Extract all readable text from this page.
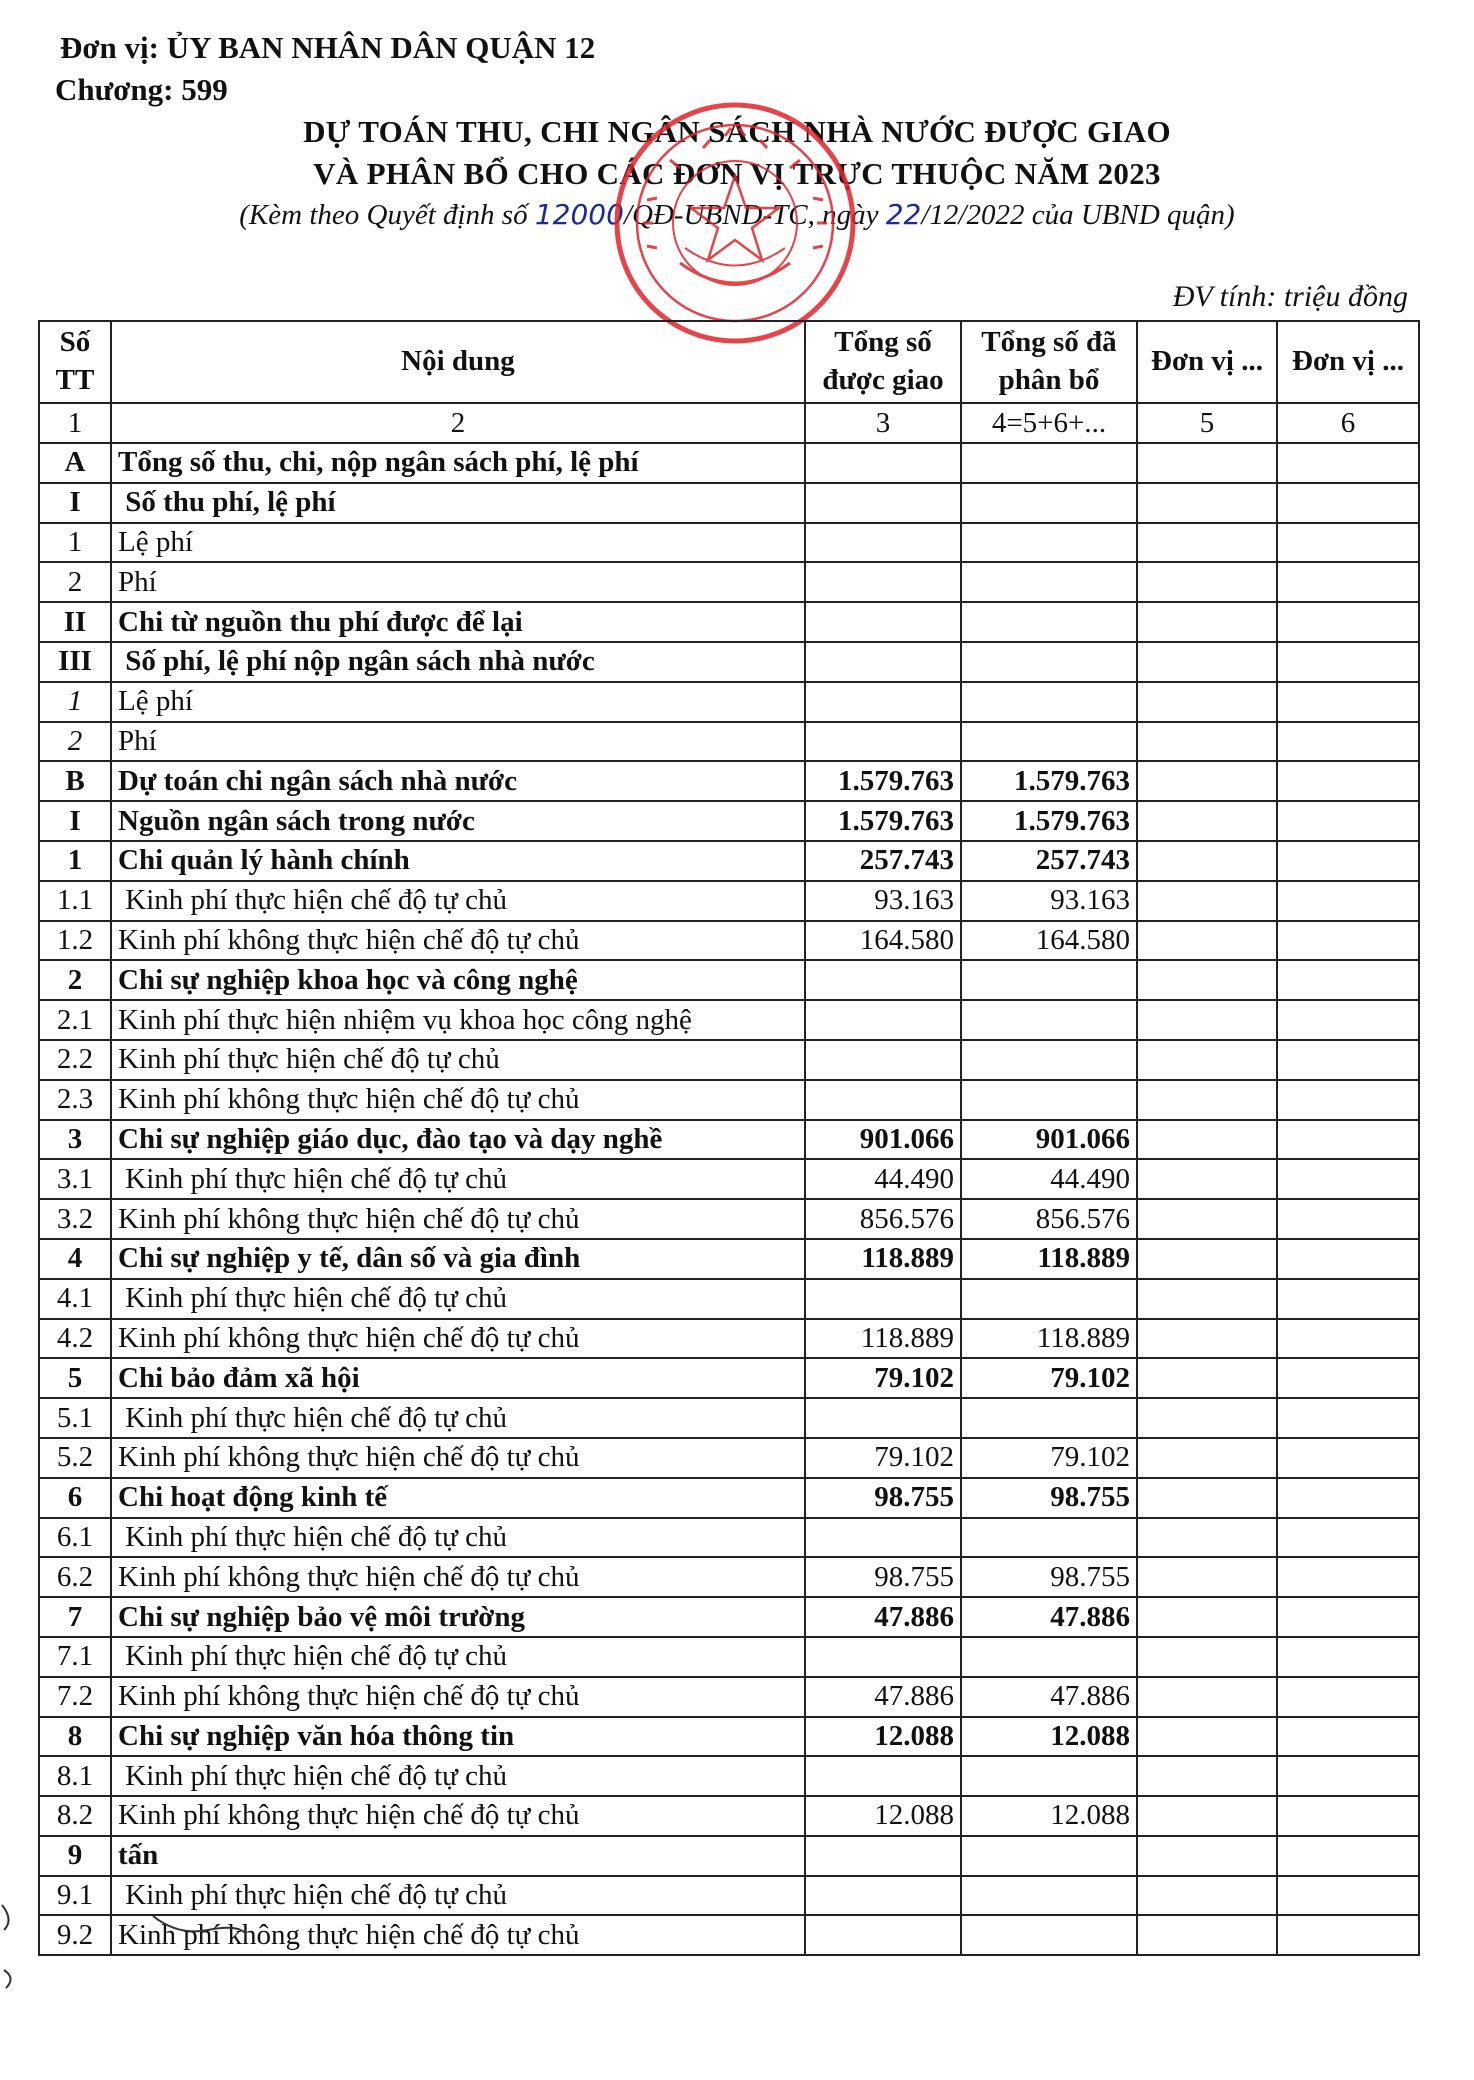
Đơn vị: ỦY BAN NHÂN DÂN QUẬN 12
Chương: 599
DỰ TOÁN THU, CHI NGÂN SÁCH NHÀ NƯỚC ĐƯỢC GIAO
VÀ PHÂN BỔ CHO CÁC ĐƠN VỊ TRỰC THUỘC NĂM 2023
(Kèm theo Quyết định số 12000/QĐ-UBND-TC, ngày 22/12/2022 của UBND quận)
ĐV tính: triệu đồng
Số TT	Nội dung	Tổng số được giao	Tổng số đã phân bổ	Đơn vị ...	Đơn vị ...
1	2	3	4=5+6+...	5	6
A	Tổng số thu, chi, nộp ngân sách phí, lệ phí				
I	Số thu phí, lệ phí				
1	Lệ phí				
2	Phí				
II	Chi từ nguồn thu phí được để lại				
III	Số phí, lệ phí nộp ngân sách nhà nước				
1	Lệ phí				
2	Phí				
B	Dự toán chi ngân sách nhà nước	1.579.763	1.579.763		
I	Nguồn ngân sách trong nước	1.579.763	1.579.763		
1	Chi quản lý hành chính	257.743	257.743		
1.1	Kinh phí thực hiện chế độ tự chủ	93.163	93.163		
1.2	Kinh phí không thực hiện chế độ tự chủ	164.580	164.580		
2	Chi sự nghiệp khoa học và công nghệ				
2.1	Kinh phí thực hiện nhiệm vụ khoa học công nghệ				
2.2	Kinh phí thực hiện chế độ tự chủ				
2.3	Kinh phí không thực hiện chế độ tự chủ				
3	Chi sự nghiệp giáo dục, đào tạo và dạy nghề	901.066	901.066		
3.1	Kinh phí thực hiện chế độ tự chủ	44.490	44.490		
3.2	Kinh phí không thực hiện chế độ tự chủ	856.576	856.576		
4	Chi sự nghiệp y tế, dân số và gia đình	118.889	118.889		
4.1	Kinh phí thực hiện chế độ tự chủ				
4.2	Kinh phí không thực hiện chế độ tự chủ	118.889	118.889		
5	Chi bảo đảm xã hội	79.102	79.102		
5.1	Kinh phí thực hiện chế độ tự chủ				
5.2	Kinh phí không thực hiện chế độ tự chủ	79.102	79.102		
6	Chi hoạt động kinh tế	98.755	98.755		
6.1	Kinh phí thực hiện chế độ tự chủ				
6.2	Kinh phí không thực hiện chế độ tự chủ	98.755	98.755		
7	Chi sự nghiệp bảo vệ môi trường	47.886	47.886		
7.1	Kinh phí thực hiện chế độ tự chủ				
7.2	Kinh phí không thực hiện chế độ tự chủ	47.886	47.886		
8	Chi sự nghiệp văn hóa thông tin	12.088	12.088		
8.1	Kinh phí thực hiện chế độ tự chủ				
8.2	Kinh phí không thực hiện chế độ tự chủ	12.088	12.088		
9	tấn				
9.1	Kinh phí thực hiện chế độ tự chủ				
9.2	Kinh phí không thực hiện chế độ tự chủ				
